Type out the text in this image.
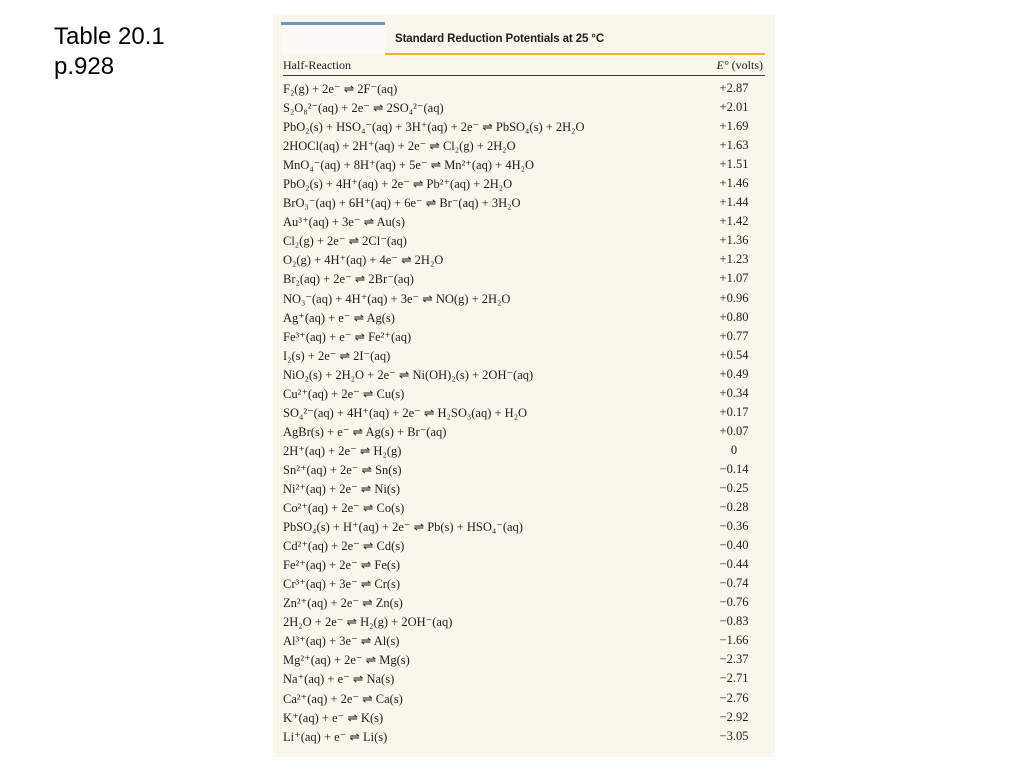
Table 20.1
p.928
Standard Reduction Potentials at 25 °C
Half-Reaction	E° (volts)
F₂(g) + 2e⁻ ⇌ 2F⁻(aq)	+2.87
S₂O₈²⁻(aq) + 2e⁻ ⇌ 2SO₄²⁻(aq)	+2.01
PbO₂(s) + HSO₄⁻(aq) + 3H⁺(aq) + 2e⁻ ⇌ PbSO₄(s) + 2H₂O	+1.69
2HOCl(aq) + 2H⁺(aq) + 2e⁻ ⇌ Cl₂(g) + 2H₂O	+1.63
MnO₄⁻(aq) + 8H⁺(aq) + 5e⁻ ⇌ Mn²⁺(aq) + 4H₂O	+1.51
PbO₂(s) + 4H⁺(aq) + 2e⁻ ⇌ Pb²⁺(aq) + 2H₂O	+1.46
BrO₃⁻(aq) + 6H⁺(aq) + 6e⁻ ⇌ Br⁻(aq) + 3H₂O	+1.44
Au³⁺(aq) + 3e⁻ ⇌ Au(s)	+1.42
Cl₂(g) + 2e⁻ ⇌ 2Cl⁻(aq)	+1.36
O₂(g) + 4H⁺(aq) + 4e⁻ ⇌ 2H₂O	+1.23
Br₂(aq) + 2e⁻ ⇌ 2Br⁻(aq)	+1.07
NO₃⁻(aq) + 4H⁺(aq) + 3e⁻ ⇌ NO(g) + 2H₂O	+0.96
Ag⁺(aq) + e⁻ ⇌ Ag(s)	+0.80
Fe³⁺(aq) + e⁻ ⇌ Fe²⁺(aq)	+0.77
I₂(s) + 2e⁻ ⇌ 2I⁻(aq)	+0.54
NiO₂(s) + 2H₂O + 2e⁻ ⇌ Ni(OH)₂(s) + 2OH⁻(aq)	+0.49
Cu²⁺(aq) + 2e⁻ ⇌ Cu(s)	+0.34
SO₄²⁻(aq) + 4H⁺(aq) + 2e⁻ ⇌ H₂SO₃(aq) + H₂O	+0.17
AgBr(s) + e⁻ ⇌ Ag(s) + Br⁻(aq)	+0.07
2H⁺(aq) + 2e⁻ ⇌ H₂(g)	0
Sn²⁺(aq) + 2e⁻ ⇌ Sn(s)	−0.14
Ni²⁺(aq) + 2e⁻ ⇌ Ni(s)	−0.25
Co²⁺(aq) + 2e⁻ ⇌ Co(s)	−0.28
PbSO₄(s) + H⁺(aq) + 2e⁻ ⇌ Pb(s) + HSO₄⁻(aq)	−0.36
Cd²⁺(aq) + 2e⁻ ⇌ Cd(s)	−0.40
Fe²⁺(aq) + 2e⁻ ⇌ Fe(s)	−0.44
Cr³⁺(aq) + 3e⁻ ⇌ Cr(s)	−0.74
Zn²⁺(aq) + 2e⁻ ⇌ Zn(s)	−0.76
2H₂O + 2e⁻ ⇌ H₂(g) + 2OH⁻(aq)	−0.83
Al³⁺(aq) + 3e⁻ ⇌ Al(s)	−1.66
Mg²⁺(aq) + 2e⁻ ⇌ Mg(s)	−2.37
Na⁺(aq) + e⁻ ⇌ Na(s)	−2.71
Ca²⁺(aq) + 2e⁻ ⇌ Ca(s)	−2.76
K⁺(aq) + e⁻ ⇌ K(s)	−2.92
Li⁺(aq) + e⁻ ⇌ Li(s)	−3.05
